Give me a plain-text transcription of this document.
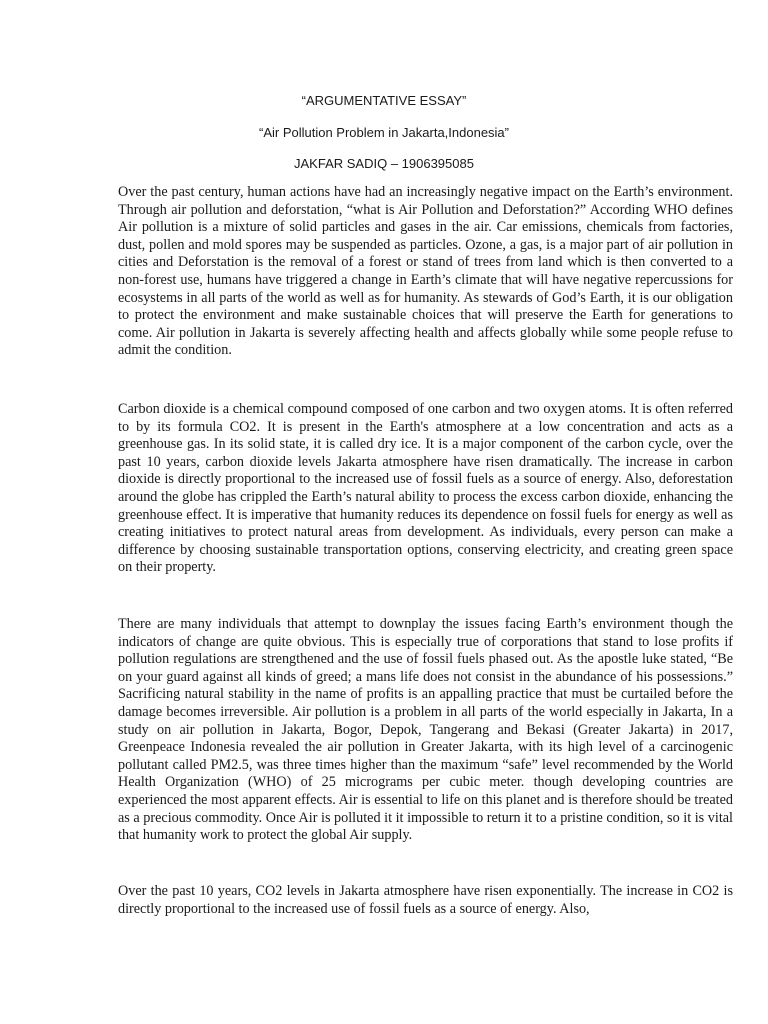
“ARGUMENTATIVE ESSAY”
“Air Pollution Problem in Jakarta,Indonesia”
JAKFAR SADIQ – 1906395085

Over the past century, human actions have had an increasingly negative impact on the Earth’s environment. Through air pollution and deforstation, “what is Air Pollution and Deforstation?” According WHO defines Air pollution is a mixture of solid particles and gases in the air. Car emissions, chemicals from factories, dust, pollen and mold spores may be suspended as particles. Ozone, a gas, is a major part of air pollution in cities and Deforstation is the removal of a forest or stand of trees from land which is then converted to a non-forest use, humans have triggered a change in Earth’s climate that will have negative repercussions for ecosystems in all parts of the world as well as for humanity. As stewards of God’s Earth, it is our obligation to protect the environment and make sustainable choices that will preserve the Earth for generations to come. Air pollution in Jakarta is severely affecting health and affects globally while some people refuse to admit the condition.

Carbon dioxide is a chemical compound composed of one carbon and two oxygen atoms. It is often referred to by its formula CO2. It is present in the Earth's atmosphere at a low concentration and acts as a greenhouse gas. In its solid state, it is called dry ice. It is a major component of the carbon cycle, over the past 10 years, carbon dioxide levels Jakarta atmosphere have risen dramatically. The increase in carbon dioxide is directly proportional to the increased use of fossil fuels as a source of energy. Also, deforestation around the globe has crippled the Earth’s natural ability to process the excess carbon dioxide, enhancing the greenhouse effect. It is imperative that humanity reduces its dependence on fossil fuels for energy as well as creating initiatives to protect natural areas from development. As individuals, every person can make a difference by choosing sustainable transportation options, conserving electricity, and creating green space on their property.

There are many individuals that attempt to downplay the issues facing Earth’s environment though the indicators of change are quite obvious. This is especially true of corporations that stand to lose profits if pollution regulations are strengthened and the use of fossil fuels phased out. As the apostle luke stated, “Be on your guard against all kinds of greed; a mans life does not consist in the abundance of his possessions.” Sacrificing natural stability in the name of profits is an appalling practice that must be curtailed before the damage becomes irreversible. Air pollution is a problem in all parts of the world especially in Jakarta, In a study on air pollution in Jakarta, Bogor, Depok, Tangerang and Bekasi (Greater Jakarta) in 2017, Greenpeace Indonesia revealed the air pollution in Greater Jakarta, with its high level of a carcinogenic pollutant called PM2.5, was three times higher than the maximum “safe” level recommended by the World Health Organization (WHO) of 25 micrograms per cubic meter. though developing countries are experienced the most apparent effects. Air is essential to life on this planet and is therefore should be treated as a precious commodity. Once Air is polluted it it impossible to return it to a pristine condition, so it is vital that humanity work to protect the global Air supply.

Over the past 10 years, CO2 levels in Jakarta atmosphere have risen exponentially. The increase in CO2 is directly proportional to the increased use of fossil fuels as a source of energy. Also,
